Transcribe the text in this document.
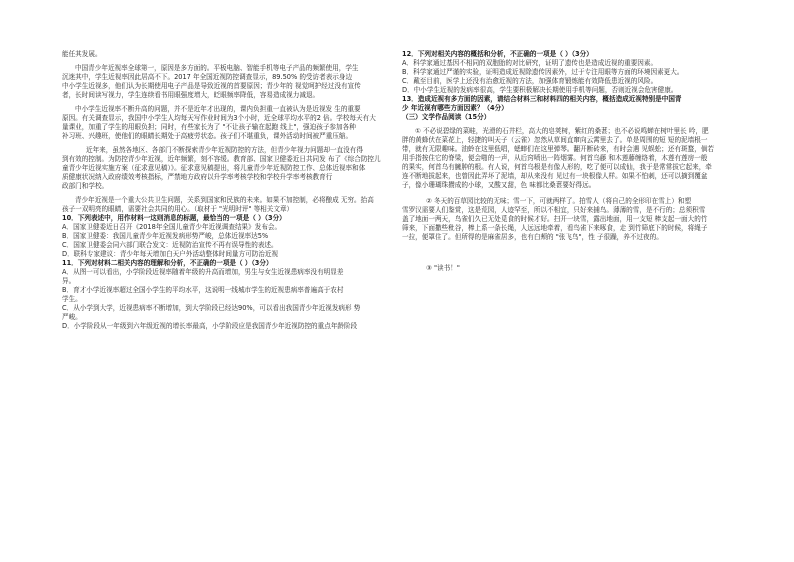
能任其发展。
中国青少年近视率全球第一，原因是多方面的。平板电脑、智能手机等电子产品的频繁使用，学生
沉迷其中，学生近视率因此居高不下。2017 年全国近视防控调查显示，89.50% 的受访者表示身边
中小学生近视多，他们认为长期使用电子产品是导致近视的首要原因；青少年的 视觉呵护经过没有宣传
者，长时间读写视力，学生连续看书用眼强度增大，眨眼频率降低，容易造成视力减退。
中小学生近视率不断升高的问题，并不是近年才出现的，课内负担重一直被认为是近视发 生的重要
原因。有关调查显示，我国中小学生人均每天写作业时间为3个小时，近全球平均水平的2 倍。学校每天有大
量课业，加重了学生的用眼负担；同时，有些家长为了 "不让孩子输在起跑 线上"，强迫孩子参加各种
补习班、兴趣班，使他们的眼睛长期处于高疲劳状态。孩子们不堪重负，课外活动时间被严重压缩。
近年来，虽然各地区、各部门不断探索青少年近视防控的方法，但青少年视力问题却一直没有得
到有效的控制。为防控青少年近视，近年频繁，刻不容缓。教育部、国家卫健委近日共同发 布了《综合防控儿
童青少年近视实施方案（征求意见稿）》。征求意见稿提出，将儿童青少年近视防控工作、总体近视率和体
质健康状况纳入政府绩效考核指标，严禁地方政府以升学率考核学校和学校升学率考核教育行
政部门和学校。
青少年近视是一个重大公共卫生问题，关系到国家和民族的未来。如果不加控制，必将酿成 无穷。抬高
孩子一双明亮的眼睛，需要社会共同的用心。（取材于 "光明时评" 等相关文章）
10．下列表述中，用作材料一这则消息的标题，最恰当的一项是（ ）（3分）
A．国家卫健委近日召开《2018年全国儿童青少年近视调查结果》发布会。
B．国家卫健委：我国儿童青少年近视发病形势严峻，总体近视率达5%
C．国家卫健委会同六部门联合发文：近视防治宣传不再有误导性的表述。
D．联科专家建议：青少年每天增加白天户外活动整体时间量方可防治近视
11．下列对材料二相关内容的理解和分析，不正确的一项是（ ）（3分）
A．从图一可以看出，小学阶段近视率随着年级的升高而增加，男生与女生近视患病率没有明显差
异。
B．育才小学近视率超过全国小学生的平均水平，这说明一线城市学生的近视患病率普遍高于农村
学生。
C．从小学到大学，近视患病率不断增加，到大学阶段已经达90%，可以看出我国青少年近视发病形 势
严峻。
D．小学阶段从一年级到六年级近视的增长率最高，小学阶段应是我国青少年近视防控的重点年龄阶段
12．下列对相关内容的概括和分析，不正确的一项是（ ）（3分）
A．科学家通过基因不相同的双胞胎的对比研究，证明了遗传也是造成近视的重要因素。
B．科学家通过严谨的实验，证明造成近视除遗传因素外，过于专注用眼等方面的环境因素更大。
C．戴至目前，医学上还没有治愈近视的方法，加强体育锻炼能有效降低患近视的风险。
D．中小学生近视的发病率很高，学生要积极解决长期使用手机等问题，否则近视会危害健康。
13．造成近视有多方面的因素，请结合材料三和材料四的相关内容，概括造成近视特别是中国青
少 年近视有哪些方面因素？（4分）
（三）文学作品阅读（15分）
① 不必说碧绿的菜畦，光滑的石井栏，高大的皂荚树，紫红的桑葚；也不必说鸣蝉在树叶里长 吟，肥
胖的黄蜂伏在菜花上，轻捷的叫天子（云雀）忽然从草间直窜向云霄里去了。单是周围的短 短的泥墙根一
带，就有无限趣味。油蛉在这里低唱，蟋蟀们在这里弹琴。翻开断砖来，有时会遇 见蜈蚣；还有斑蝥，倘若
用手指按住它的脊梁，便会啪的一声，从后窍喷出一阵烟雾。何首乌藤 和木莲藤缠络着，木莲有莲房一般
的果实，何首乌有臃肿的根。有人说，何首乌根是有像人形的，吃了便可以成仙，我于是常常拔它起来，牵
连不断地拔起来，也曾因此弄坏了泥墙，却从来没有 见过有一块根像人样。如果不怕刺，还可以摘到覆盆
子，像小珊瑚珠攒成的小球，又酸又甜，色 味都比桑葚要好得远。
② 冬天的百草园比较的无味；雪一下，可就两样了。拍雪人（将自己的全形印在雪上）和塑
雪罗汉需要人们鉴赏，这是荒园，人迹罕至，所以不相宜，只好来捕鸟。薄薄的雪，是不行的；总须积雪
盖了地面一两天，鸟雀们久已无处觅食的时候才好。扫开一块雪，露出地面，用一支短 棒支起一面大的竹
筛来，下面撒些秕谷，棒上系一条长绳，人远远地牵着，看鸟雀下来啄食，走 到竹筛底下的时候，将绳子
一拉，便罩住了。但所得的是麻雀居多，也有白颊的 "张飞鸟"，性 子很躁，养不过夜的。
③ "读书！"
